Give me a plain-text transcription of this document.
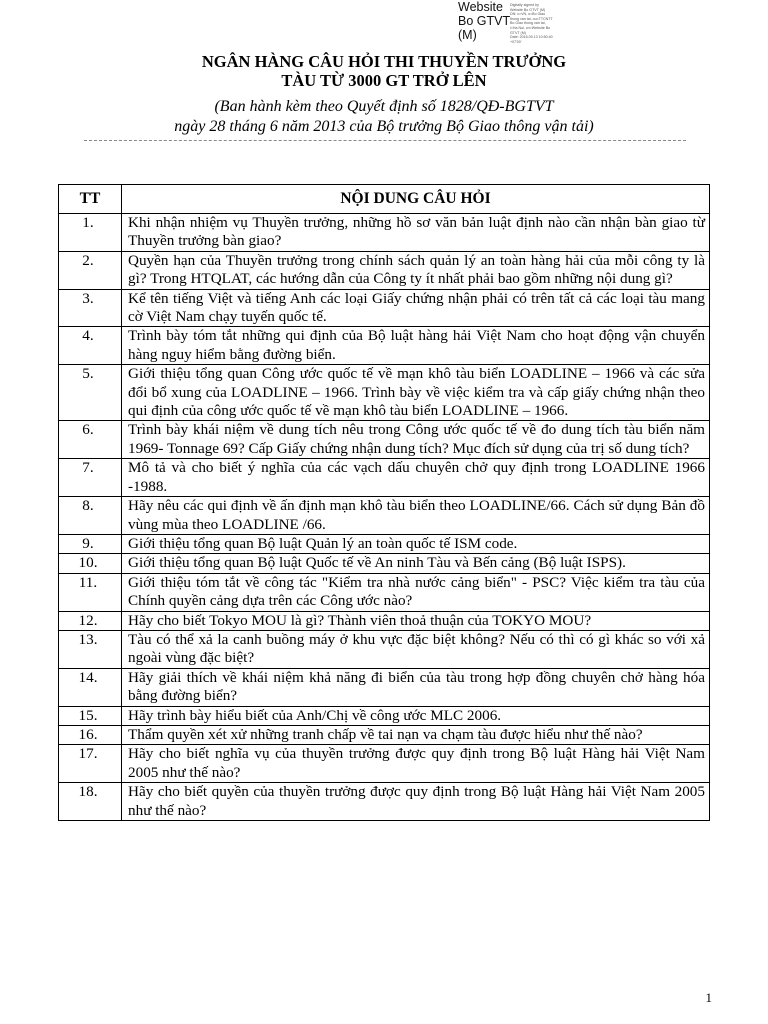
Website
Bo GTVT
(M)
Digitally signed by
Website Bo GTVT (M)
DN: c=VN, o=Bo Giao
thong van tai, ou=TTCNTT
Bo Giao thong van tai,
l=Ha Noi, cn=Website Bo
GTVT (M)
Date: 2016.09.13 10:50:40
+07'00'
NGÂN HÀNG CÂU HỎI THI THUYỀN TRƯỞNG
TÀU TỪ 3000 GT TRỞ LÊN
(Ban hành kèm theo Quyết định số 1828/QĐ-BGTVT
ngày 28 tháng 6 năm 2013 của Bộ trưởng Bộ Giao thông vận tải)
TT	NỘI DUNG CÂU HỎI
1.	Khi nhận nhiệm vụ Thuyền trưởng, những hồ sơ văn bản luật định nào cần nhận bàn giao từ Thuyền trưởng bàn giao?
2.	Quyền hạn của Thuyền trưởng trong chính sách quản lý an toàn hàng hải của mỗi công ty là gì? Trong HTQLAT, các hướng dẫn của Công ty ít nhất phải bao gồm những nội dung gì?
3.	Kể tên tiếng Việt và tiếng Anh các loại Giấy chứng nhận phải có trên tất cả các loại tàu mang cờ Việt Nam chạy tuyến quốc tế.
4.	Trình bày tóm tắt những qui định của Bộ luật hàng hải Việt Nam cho hoạt động vận chuyển hàng nguy hiểm bằng đường biển.
5.	Giới thiệu tổng quan Công ước quốc tế về mạn khô tàu biển LOADLINE – 1966 và các sửa đổi bổ xung của LOADLINE – 1966. Trình bày về việc kiểm tra và cấp giấy chứng nhận theo qui định của công ước quốc tế về mạn khô tàu biển LOADLINE – 1966.
6.	Trình bày khái niệm về dung tích nêu trong Công ước quốc tế về đo dung tích tàu biển năm 1969- Tonnage 69? Cấp Giấy chứng nhận dung tích? Mục đích sử dụng của trị số dung tích?
7.	Mô tả và cho biết ý nghĩa của các vạch dấu chuyên chở quy định trong LOADLINE 1966 -1988.
8.	Hãy nêu các qui định về ấn định mạn khô tàu biển theo LOADLINE/66. Cách sử dụng Bản đồ vùng mùa theo LOADLINE /66.
9.	Giới thiệu tổng quan Bộ luật Quản lý an toàn quốc tế ISM code.
10.	Giới thiệu tổng quan Bộ luật Quốc tế về An ninh Tàu và Bến cảng (Bộ luật ISPS).
11.	Giới thiệu tóm tắt về công tác "Kiểm tra nhà nước cảng biển" - PSC? Việc kiểm tra tàu của Chính quyền cảng dựa trên các Công ước nào?
12.	Hãy cho biết Tokyo MOU là gì? Thành viên thoả thuận của TOKYO MOU?
13.	Tàu có thể xả la canh buồng máy ở khu vực đặc biệt không? Nếu có thì có gì khác so với xả ngoài vùng đặc biệt?
14.	Hãy giải thích về khái niệm khả năng đi biển của tàu trong hợp đồng chuyên chở hàng hóa bằng đường biển?
15.	Hãy trình bày hiểu biết của Anh/Chị về công ước MLC 2006.
16.	Thẩm quyền xét xử những tranh chấp về tai nạn va chạm tàu được hiểu như thế nào?
17.	Hãy cho biết nghĩa vụ của thuyền trưởng được quy định trong Bộ luật Hàng hải Việt Nam 2005 như thế nào?
18.	Hãy cho biết quyền của thuyền trưởng được quy định trong Bộ luật Hàng hải Việt Nam 2005 như thế nào?
1
